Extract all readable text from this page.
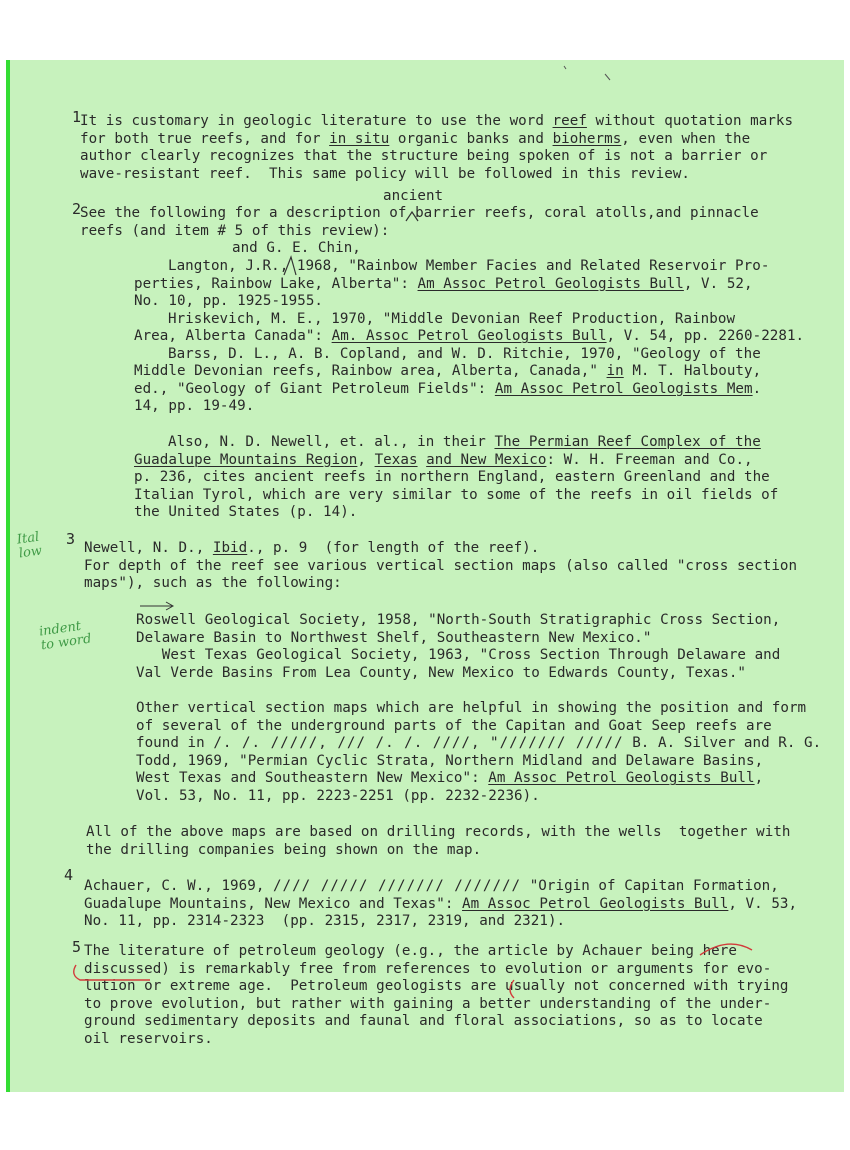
1
It is customary in geologic literature to use the word reef without quotation marks
for both true reefs, and for in situ organic banks and bioherms, even when the
author clearly recognizes that the structure being spoken of is not a barrier or
wave-resistant reef.  This same policy will be followed in this review.
ancient
2
See the following for a description of barrier reefs, coral atolls,and pinnacle
reefs (and item # 5 of this review):
and G. E. Chin,
Langton, J.R., 1968, "Rainbow Member Facies and Related Reservoir Pro-
perties, Rainbow Lake, Alberta": Am Assoc Petrol Geologists Bull, V. 52,
No. 10, pp. 1925-1955.
Hriskevich, M. E., 1970, "Middle Devonian Reef Production, Rainbow
Area, Alberta Canada": Am. Assoc Petrol Geologists Bull, V. 54, pp. 2260-2281.
Barss, D. L., A. B. Copland, and W. D. Ritchie, 1970, "Geology of the
Middle Devonian reefs, Rainbow area, Alberta, Canada," in M. T. Halbouty,
ed., "Geology of Giant Petroleum Fields": Am Assoc Petrol Geologists Mem.
14, pp. 19-49.
Also, N. D. Newell, et. al., in their The Permian Reef Complex of the
Guadalupe Mountains Region, Texas and New Mexico: W. H. Freeman and Co.,
p. 236, cites ancient reefs in northern England, eastern Greenland and the
Italian Tyrol, which are very similar to some of the reefs in oil fields of
the United States (p. 14).
Ital
low
3 Newell, N. D., Ibid., p. 9  (for length of the reef).
For depth of the reef see various vertical section maps (also called "cross section
maps"), such as the following:
indent
to word
Roswell Geological Society, 1958, "North-South Stratigraphic Cross Section,
Delaware Basin to Northwest Shelf, Southeastern New Mexico."
West Texas Geological Society, 1963, "Cross Section Through Delaware and
Val Verde Basins From Lea County, New Mexico to Edwards County, Texas."
Other vertical section maps which are helpful in showing the position and form
of several of the underground parts of the Capitan and Goat Seep reefs are
found in /. /. /////, /// /. /. ////, "/////// ///// B. A. Silver and R. G.
Todd, 1969, "Permian Cyclic Strata, Northern Midland and Delaware Basins,
West Texas and Southeastern New Mexico": Am Assoc Petrol Geologists Bull,
Vol. 53, No. 11, pp. 2223-2251 (pp. 2232-2236).
All of the above maps are based on drilling records, with the wells  together with
the drilling companies being shown on the map.
4
Achauer, C. W., 1969, //// ///// /////// /////// "Origin of Capitan Formation,
Guadalupe Mountains, New Mexico and Texas": Am Assoc Petrol Geologists Bull, V. 53,
No. 11, pp. 2314-2323  (pp. 2315, 2317, 2319, and 2321).
5 The literature of petroleum geology (e.g., the article by Achauer being here
discussed) is remarkably free from references to evolution or arguments for evo-
lution or extreme age.  Petroleum geologists are usually not concerned with trying
to prove evolution, but rather with gaining a better understanding of the under-
ground sedimentary deposits and faunal and floral associations, so as to locate
oil reservoirs.
